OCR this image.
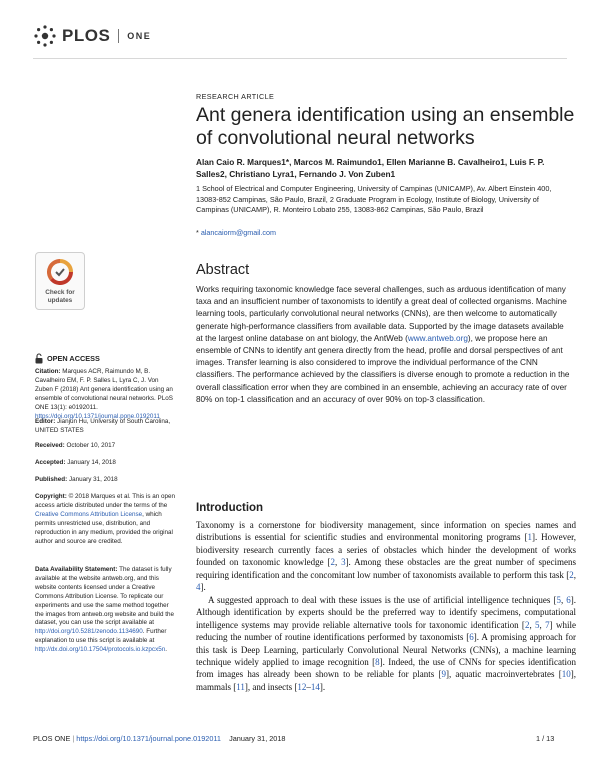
PLOS ONE
RESEARCH ARTICLE
Ant genera identification using an ensemble of convolutional neural networks
Alan Caio R. Marques1*, Marcos M. Raimundo1, Ellen Marianne B. Cavalheiro1, Luis F. P. Salles2, Christiano Lyra1, Fernando J. Von Zuben1
1 School of Electrical and Computer Engineering, University of Campinas (UNICAMP), Av. Albert Einstein 400, 13083-852 Campinas, São Paulo, Brazil, 2 Graduate Program in Ecology, Institute of Biology, University of Campinas (UNICAMP), R. Monteiro Lobato 255, 13083-862 Campinas, São Paulo, Brazil
* alancaiorm@gmail.com
Abstract
Works requiring taxonomic knowledge face several challenges, such as arduous identification of many taxa and an insufficient number of taxonomists to identify a great deal of collected organisms. Machine learning tools, particularly convolutional neural networks (CNNs), are then welcome to automatically generate high-performance classifiers from available data. Supported by the image datasets available at the largest online database on ant biology, the AntWeb (www.antweb.org), we propose here an ensemble of CNNs to identify ant genera directly from the head, profile and dorsal perspectives of ant images. Transfer learning is also considered to improve the individual performance of the CNN classifiers. The performance achieved by the classifiers is diverse enough to promote a reduction in the overall classification error when they are combined in an ensemble, achieving an accuracy rate of over 80% on top-1 classification and an accuracy of over 90% on top-3 classification.
Introduction

Taxonomy is a cornerstone for biodiversity management, since information on species names and distributions is essential for scientific studies and environmental monitoring programs [1]. However, biodiversity research currently faces a series of obstacles which hinder the development of works founded on taxonomic knowledge [2, 3]. Among these obstacles are the great number of specimens requiring identification and the concomitant low number of taxonomists available to perform this task [2, 4].

A suggested approach to deal with these issues is the use of artificial intelligence techniques [5, 6]. Although identification by experts should be the preferred way to identify specimens, computational intelligence systems may provide reliable alternative tools for taxonomic identification [2, 5, 7] while reducing the number of routine identifications performed by taxonomists [6]. A promising approach for this task is Deep Learning, particularly Convolutional Neural Networks (CNNs), a machine learning technique widely applied to image recognition [8]. Indeed, the use of CNNs for species identification from images has already been shown to be reliable for plants [9], aquatic macroinvertebrates [10], mammals [11], and insects [12–14].

Check for
updates
OPEN ACCESS
Citation: Marques ACR, Raimundo M, B. Cavalheiro EM, F. P. Salles L, Lyra C, J. Von Zuben F (2018) Ant genera identification using an ensemble of convolutional neural networks. PLoS ONE 13(1): e0192011. https://doi.org/10.1371/journal.pone.0192011
Editor: Jianjun Hu, University of South Carolina, UNITED STATES
Received: October 10, 2017
Accepted: January 14, 2018
Published: January 31, 2018
Copyright: © 2018 Marques et al. This is an open access article distributed under the terms of the Creative Commons Attribution License, which permits unrestricted use, distribution, and reproduction in any medium, provided the original author and source are credited.
Data Availability Statement: The dataset is fully available at the website antweb.org, and this website contents licensed under a Creative Commons Attribution License. To replicate our experiments and use the same method together the images from antweb.org website and build the dataset, you can use the script available at http://doi.org/10.5281/zenodo.1134690. Further explanation to use this script is available at http://dx.doi.org/10.17504/protocols.io.kzpcx5n.
PLOS ONE | https://doi.org/10.1371/journal.pone.0192011 January 31, 2018	1 / 13
